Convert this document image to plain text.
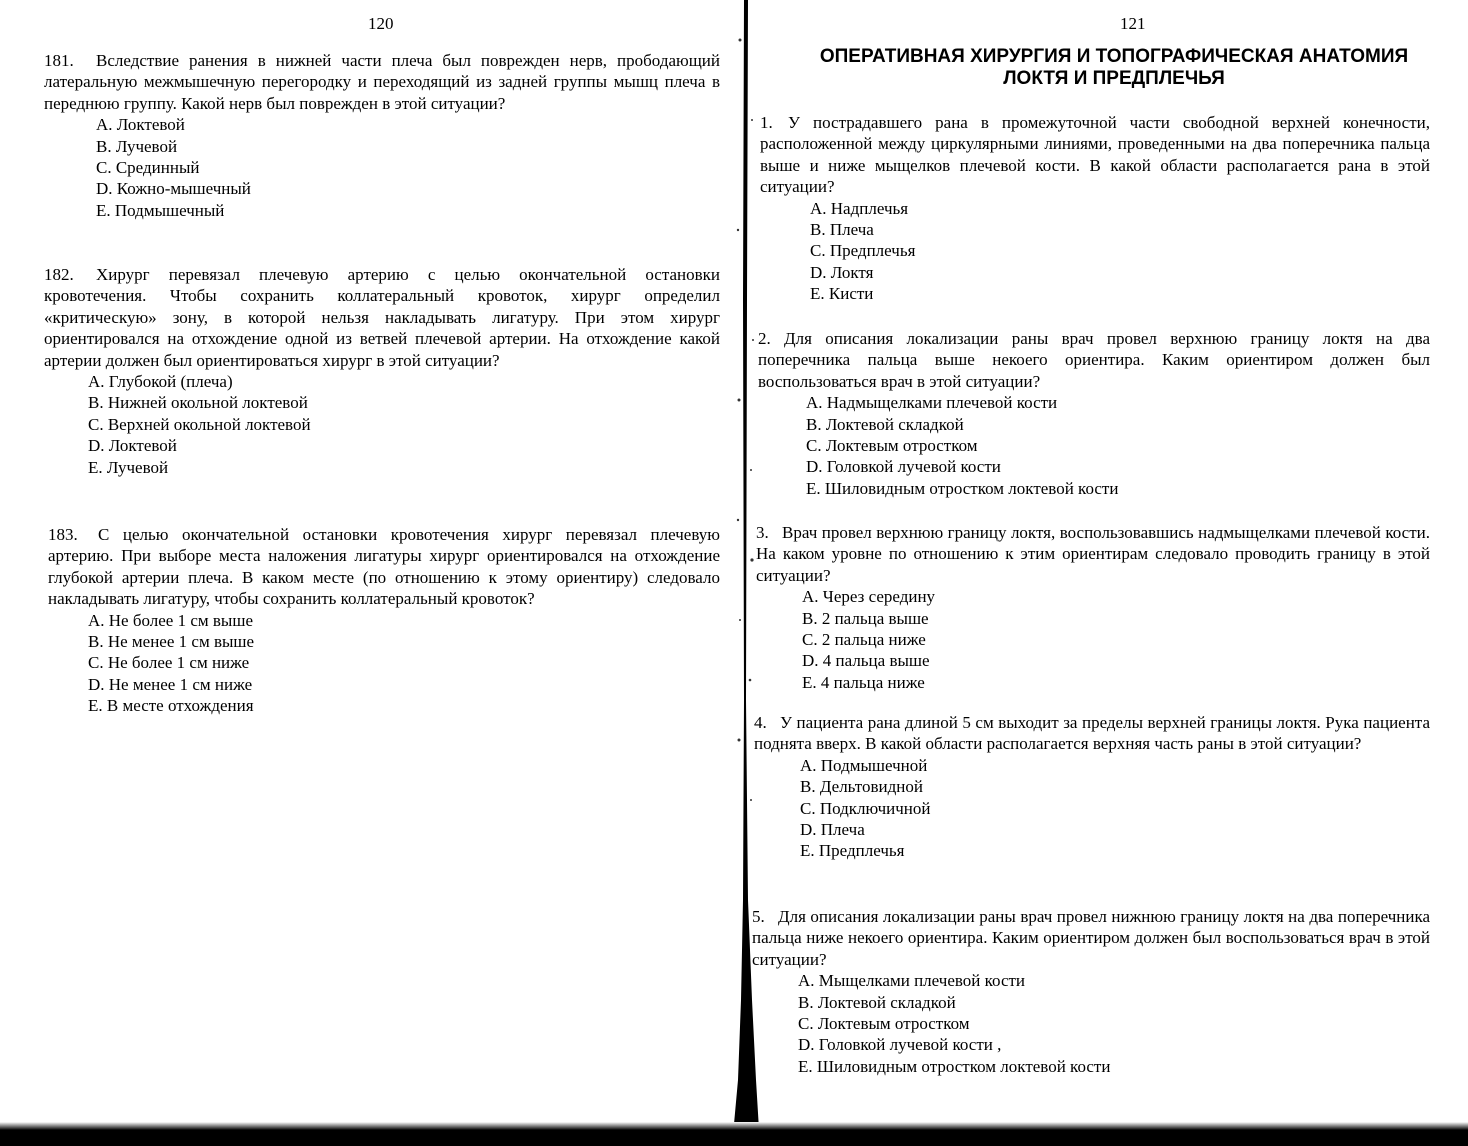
120
181.	Вследствие ранения в нижней части плеча был поврежден нерв, прободающий латеральную межмышечную перегородку и переходящий из задней группы мышц плеча в переднюю группу. Какой нерв был поврежден в этой ситуации?

A. Локтевой
B. Лучевой
C. Срединный
D. Кожно-мышечный
E. Подмышечный
182.	Хирург перевязал плечевую артерию с целью окончательной остановки кровотечения. Чтобы сохранить коллатеральный кровоток, хирург определил «критическую» зону, в которой нельзя накладывать лигатуру. При этом хирург ориентировался на отхождение одной из ветвей плечевой артерии. На отхождение какой артерии должен был ориентироваться хирург в этой ситуации?

A. Глубокой (плеча)
B. Нижней окольной локтевой
C. Верхней окольной локтевой
D. Локтевой
E. Лучевой
183.	С целью окончательной остановки кровотечения хирург перевязал плечевую артерию. При выборе места наложения лигатуры хирург ориентировался на отхождение глубокой артерии плеча. В каком месте (по отношению к этому ориентиру) следовало накладывать лигатуру, чтобы сохранить коллатеральный кровоток?

A. Не более 1 см выше
B. Не менее 1 см выше
C. Не более 1 см ниже
D. Не менее 1 см ниже
E. В месте отхождения
121
ОПЕРАТИВНАЯ ХИРУРГИЯ И ТОПОГРАФИЧЕСКАЯ АНАТОМИЯ
ЛОКТЯ И ПРЕДПЛЕЧЬЯ
1. У пострадавшего рана в промежуточной части свободной верхней конечности, расположенной между циркулярными линиями, проведенными на два поперечника пальца выше и ниже мыщелков плечевой кости. В какой области располагается рана в этой ситуации?

A. Надплечья
B. Плеча
C. Предплечья
D. Локтя
E. Кисти
2. Для описания локализации раны врач провел верхнюю границу локтя на два поперечника пальца выше некоего ориентира. Каким ориентиром должен был воспользоваться врач в этой ситуации?

A. Надмыщелками плечевой кости
B. Локтевой складкой
C. Локтевым отростком
D. Головкой лучевой кости
E. Шиловидным отростком локтевой кости
3. Врач провел верхнюю границу локтя, воспользовавшись надмыщелками плечевой кости. На каком уровне по отношению к этим ориентирам следовало проводить границу в этой ситуации?

A. Через середину
B. 2 пальца выше
C. 2 пальца ниже
D. 4 пальца выше
E. 4 пальца ниже
4. У пациента рана длиной 5 см выходит за пределы верхней границы локтя. Рука пациента поднята вверх. В какой области располагается верхняя часть раны в этой ситуации?

A. Подмышечной
B. Дельтовидной
C. Подключичной
D. Плеча
E. Предплечья
5. Для описания локализации раны врач провел нижнюю границу локтя на два поперечника пальца ниже некоего ориентира. Каким ориентиром должен был воспользоваться врач в этой ситуации?

A. Мыщелками плечевой кости
B. Локтевой складкой
C. Локтевым отростком
D. Головкой лучевой кости ,
E. Шиловидным отростком локтевой кости
